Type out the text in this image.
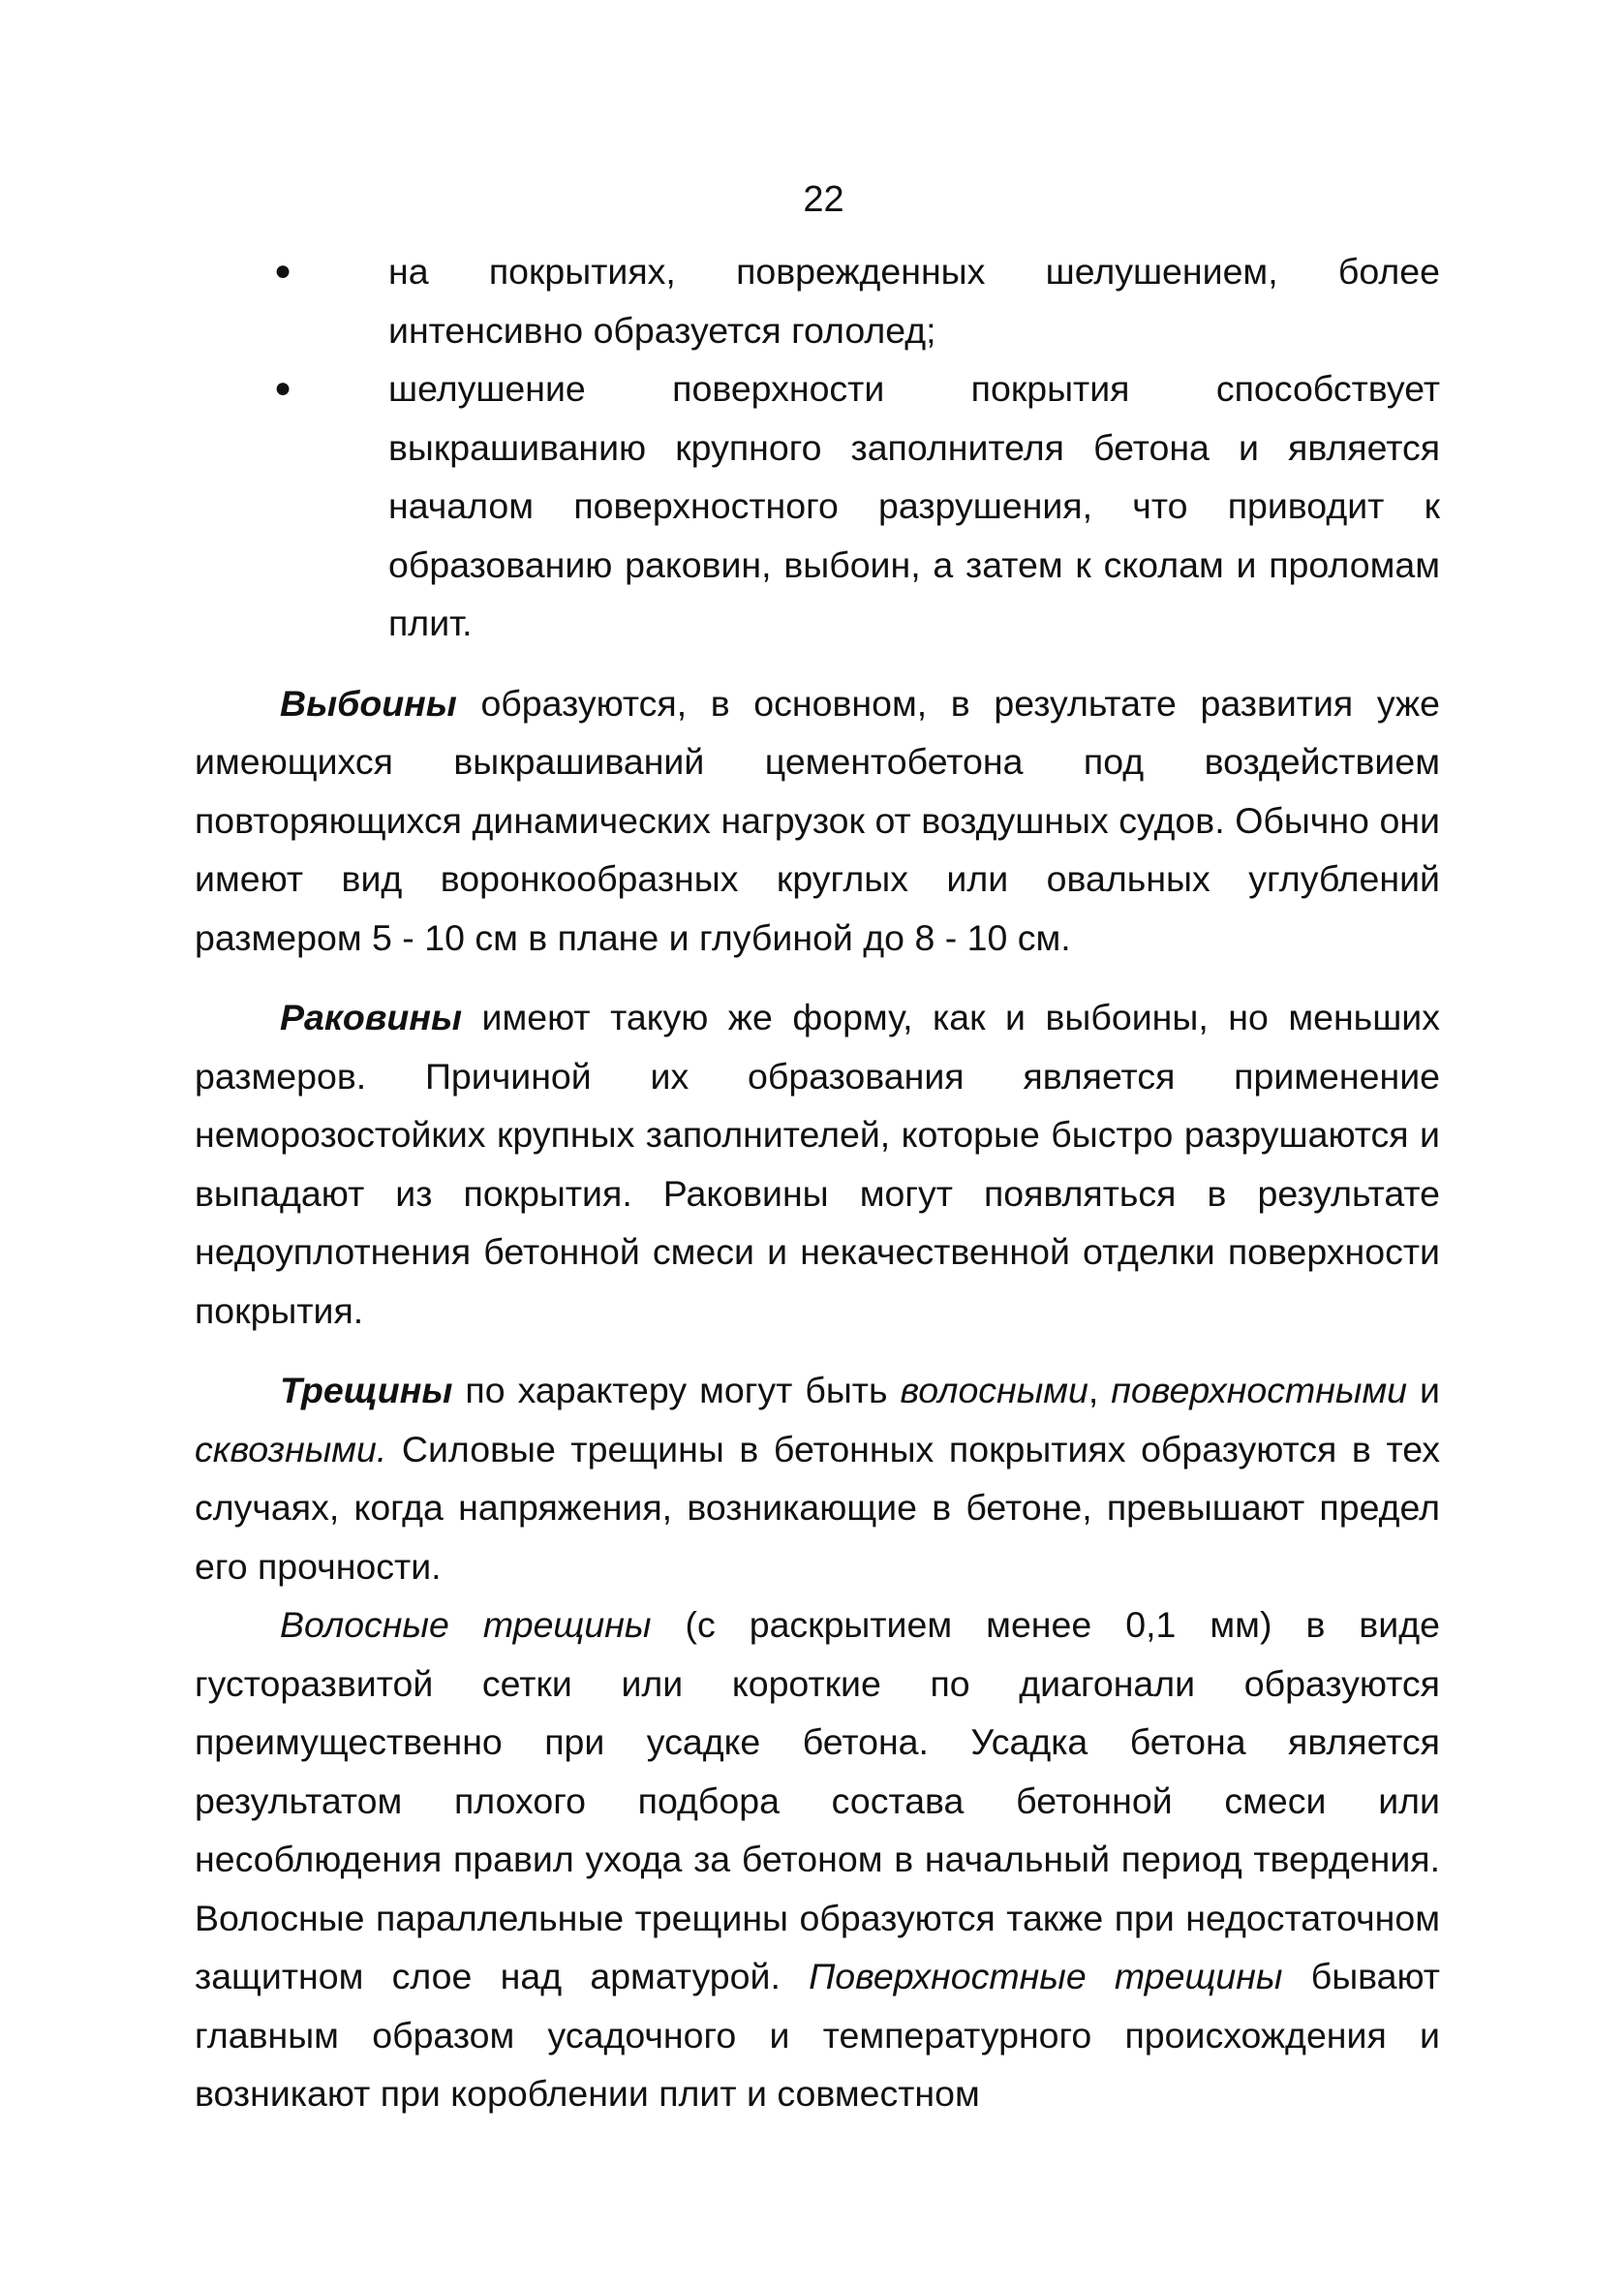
22
●	на покрытиях, поврежденных шелушением, более интенсивно образуется гололед;
●	шелушение поверхности покрытия способствует выкрашиванию крупного заполнителя бетона и является началом поверхностного разрушения, что приводит к образованию раковин, выбоин, а затем к сколам и проломам плит.

Выбоины образуются, в основном, в результате развития уже имеющихся выкрашиваний цементобетона под воздействием повторяющихся динамических нагрузок от воздушных судов. Обычно они имеют вид воронкообразных круглых или овальных углублений размером 5 - 10 см в плане и глубиной до 8 - 10 см.

Раковины имеют такую же форму, как и выбоины, но меньших размеров. Причиной их образования является применение неморозостойких крупных заполнителей, которые быстро разрушаются и выпадают из покрытия. Раковины могут появляться в результате недоуплотнения бетонной смеси и некачественной отделки поверхности покрытия.

Трещины по характеру могут быть волосными, поверхностными и сквозными. Силовые трещины в бетонных покрытиях образуются в тех случаях, когда напряжения, возникающие в бетоне, превышают предел его прочности.

Волосные трещины (с раскрытием менее 0,1 мм) в виде густоразвитой сетки или короткие по диагонали образуются преимущественно при усадке бетона. Усадка бетона является результатом плохого подбора состава бетонной смеси или несоблюдения правил ухода за бетоном в начальный период твердения. Волосные параллельные трещины образуются также при недостаточном защитном слое над арматурой. Поверхностные трещины бывают главным образом усадочного и температурного происхождения и возникают при короблении плит и совместном
